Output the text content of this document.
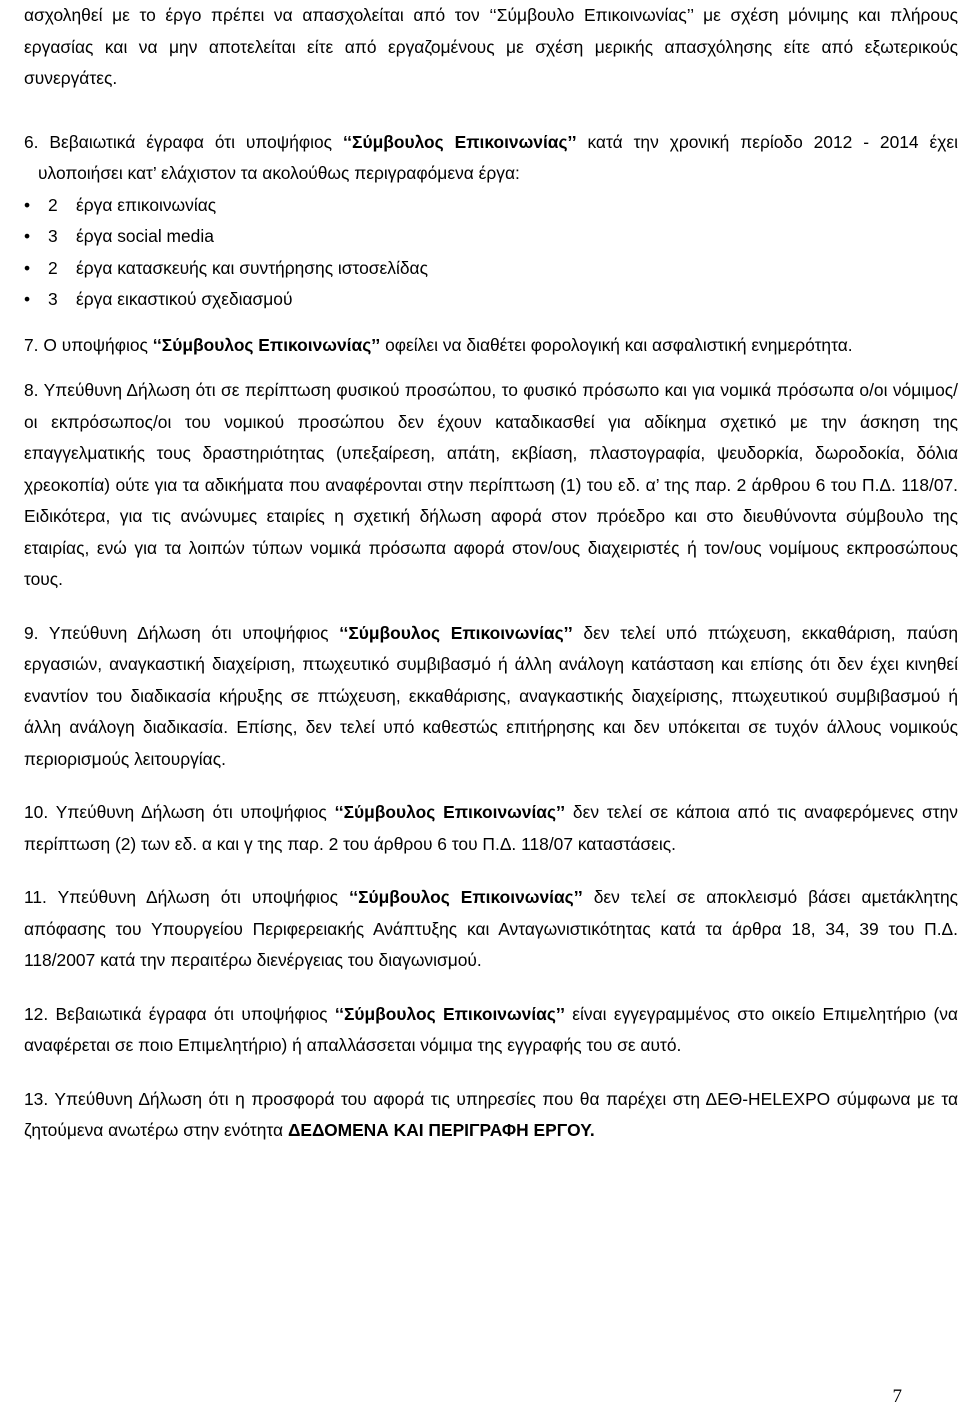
ασχοληθεί με το έργο πρέπει να απασχολείται από τον ‘‘Σύμβουλο Επικοινωνίας’’ με σχέση μόνιμης και πλήρους εργασίας και να μην αποτελείται είτε από εργαζομένους με σχέση μερικής απασχόλησης είτε από εξωτερικούς συνεργάτες.
6. Βεβαιωτικά έγραφα ότι υποψήφιος ‘‘Σύμβουλος Επικοινωνίας’’ κατά την χρονική περίοδο 2012 - 2014 έχει υλοποιήσει κατ’ ελάχιστον τα ακολούθως περιγραφόμενα έργα:
• 2 έργα επικοινωνίας
• 3 έργα social media
• 2 έργα κατασκευής και συντήρησης ιστοσελίδας
• 3 έργα εικαστικού σχεδιασμού
7. Ο υποψήφιος ‘‘Σύμβουλος Επικοινωνίας’’ οφείλει να διαθέτει φορολογική και ασφαλιστική ενημερότητα.
8. Υπεύθυνη Δήλωση ότι σε περίπτωση φυσικού προσώπου, το φυσικό πρόσωπο και για νομικά πρόσωπα ο/οι νόμιμος/οι εκπρόσωπος/οι του νομικού προσώπου δεν έχουν καταδικασθεί για αδίκημα σχετικό με την άσκηση της επαγγελματικής τους δραστηριότητας (υπεξαίρεση, απάτη, εκβίαση, πλαστογραφία, ψευδορκία, δωροδοκία, δόλια χρεοκοπία) ούτε για τα αδικήματα που αναφέρονται στην περίπτωση (1) του εδ. α’ της παρ. 2 άρθρου 6 του Π.Δ. 118/07. Ειδικότερα, για τις ανώνυμες εταιρίες η σχετική δήλωση αφορά στον πρόεδρο και στο διευθύνοντα σύμβουλο της εταιρίας, ενώ για τα λοιπών τύπων νομικά πρόσωπα αφορά στον/ους διαχειριστές ή τον/ους νομίμους εκπροσώπους τους.
9. Υπεύθυνη Δήλωση ότι υποψήφιος ‘‘Σύμβουλος Επικοινωνίας’’ δεν τελεί υπό πτώχευση, εκκαθάριση, παύση εργασιών, αναγκαστική διαχείριση, πτωχευτικό συμβιβασμό ή άλλη ανάλογη κατάσταση και επίσης ότι δεν έχει κινηθεί εναντίον του διαδικασία κήρυξης σε πτώχευση, εκκαθάρισης, αναγκαστικής διαχείρισης, πτωχευτικού συμβιβασμού ή άλλη ανάλογη διαδικασία. Επίσης, δεν τελεί υπό καθεστώς επιτήρησης και δεν υπόκειται σε τυχόν άλλους νομικούς περιορισμούς λειτουργίας.
10. Υπεύθυνη Δήλωση ότι υποψήφιος ‘‘Σύμβουλος Επικοινωνίας’’ δεν τελεί σε κάποια από τις αναφερόμενες στην περίπτωση (2) των εδ. α και γ της παρ. 2 του άρθρου 6 του Π.Δ. 118/07 καταστάσεις.
11. Υπεύθυνη Δήλωση ότι υποψήφιος ‘‘Σύμβουλος Επικοινωνίας’’ δεν τελεί σε αποκλεισμό βάσει αμετάκλητης απόφασης του Υπουργείου Περιφερειακής Ανάπτυξης και Ανταγωνιστικότητας κατά τα άρθρα 18, 34, 39 του Π.Δ. 118/2007 κατά την περαιτέρω διενέργειας του διαγωνισμού.
12. Βεβαιωτικά έγραφα ότι υποψήφιος ‘‘Σύμβουλος Επικοινωνίας’’ είναι εγγεγραμμένος στο οικείο Επιμελητήριο (να αναφέρεται σε ποιο Επιμελητήριο) ή απαλλάσσεται νόμιμα της εγγραφής του σε αυτό.
13. Υπεύθυνη Δήλωση ότι η προσφορά του αφορά τις υπηρεσίες που θα παρέχει στη ΔΕΘ-HELEXPO σύμφωνα με τα ζητούμενα ανωτέρω στην ενότητα ΔΕΔΟΜΕΝΑ ΚΑΙ ΠΕΡΙΓΡΑΦΗ ΕΡΓΟΥ.
7
